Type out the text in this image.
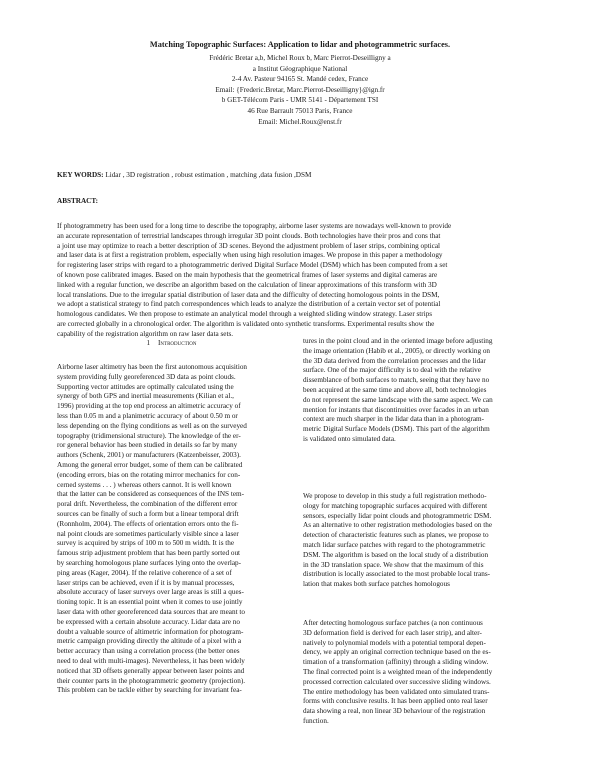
Matching Topographic Surfaces: Application to lidar and photogrammetric surfaces.
Frédéric Bretar a,b, Michel Roux b, Marc Pierrot-Deseilligny a
a Institut Géographique National
2-4 Av. Pasteur 94165 St. Mandé cedex, France
Email: {Frederic.Bretar, Marc.Pierrot-Deseilligny}@ign.fr
b GET-Télécom Paris - UMR 5141 - Département TSI
46 Rue Barrault 75013 Paris, France
Email: Michel.Roux@enst.fr
KEY WORDS: Lidar , 3D registration , robust estimation , matching ,data fusion ,DSM
ABSTRACT:
If photogrammetry has been used for a long time to describe the topography, airborne laser systems are nowadays well-known to provide
an accurate representation of terrestrial landscapes through irregular 3D point clouds. Both technologies have their pros and cons that
a joint use may optimize to reach a better description of 3D scenes. Beyond the adjustment problem of laser strips, combining optical
and laser data is at first a registration problem, especially when using high resolution images. We propose in this paper a methodology
for registering laser strips with regard to a photogrammetric derived Digital Surface Model (DSM) which has been computed from a set
of known pose calibrated images. Based on the main hypothesis that the geometrical frames of laser systems and digital cameras are
linked with a regular function, we describe an algorithm based on the calculation of linear approximations of this transform with 3D
local translations. Due to the irregular spatial distribution of laser data and the difficulty of detecting homologous points in the DSM,
we adopt a statistical strategy to find patch correspondences which leads to analyze the distribution of a certain vector set of potential
homologous candidates. We then propose to estimate an analytical model through a weighted sliding window strategy. Laser strips
are corrected globally in a chronological order. The algorithm is validated onto synthetic transforms. Experimental results show the
capability of the registration algorithm on raw laser data sets.
1 Introduction
Airborne laser altimetry has been the first autonomous acquisition
system providing fully georeferenced 3D data as point clouds.
Supporting vector attitudes are optimally calculated using the
synergy of both GPS and inertial measurements (Kilian et al.,
1996) providing at the top end process an altimetric accuracy of
less than 0.05 m and a planimetric accuracy of about 0.50 m or
less depending on the flying conditions as well as on the surveyed
topography (tridimensional structure). The knowledge of the er-
ror general behavior has been studied in details so far by many
authors (Schenk, 2001) or manufacturers (Katzenbeisser, 2003).
Among the general error budget, some of them can be calibrated
(encoding errors, bias on the rotating mirror mechanics for con-
cerned systems . . . ) whereas others cannot. It is well known
that the latter can be considered as consequences of the INS tem-
poral drift. Nevertheless, the combination of the different error
sources can be finally of such a form but a linear temporal drift
(Ronnholm, 2004). The effects of orientation errors onto the fi-
nal point clouds are sometimes particularly visible since a laser
survey is acquired by strips of 100 m to 500 m width. It is the
famous strip adjustment problem that has been partly sorted out
by searching homologous plane surfaces lying onto the overlap-
ping areas (Kager, 2004). If the relative coherence of a set of
laser strips can be achieved, even if it is by manual processes,
absolute accuracy of laser surveys over large areas is still a ques-
tioning topic. It is an essential point when it comes to use jointly
laser data with other georeferenced data sources that are meant to
be expressed with a certain absolute accuracy. Lidar data are no
doubt a valuable source of altimetric information for photogram-
metric campaign providing directly the altitude of a pixel with a
better accuracy than using a correlation process (the better ones
need to deal with multi-images). Nevertheless, it has been widely
noticed that 3D offsets generally appear between laser points and
their counter parts in the photogrammetric geometry (projection).
This problem can be tackle either by searching for invariant fea-
tures in the point cloud and in the oriented image before adjusting
the image orientation (Habib et al., 2005), or directly working on
the 3D data derived from the correlation processes and the lidar
surface. One of the major difficulty is to deal with the relative
dissemblance of both surfaces to match, seeing that they have no
been acquired at the same time and above all, both technologies
do not represent the same landscape with the same aspect. We can
mention for instants that discontinuities over facades in an urban
context are much sharper in the lidar data than in a photogram-
metric Digital Surface Models (DSM). This part of the algorithm
is validated onto simulated data.
We propose to develop in this study a full registration methodo-
ology for matching topographic surfaces acquired with different
sensors, especially lidar point clouds and photogrammetric DSM.
As an alternative to other registration methodologies based on the
detection of characteristic features such as planes, we propose to
match lidar surface patches with regard to the photogrammetric
DSM. The algorithm is based on the local study of a distribution
in the 3D translation space. We show that the maximum of this
distribution is locally associated to the most probable local trans-
lation that makes both surface patches homologous
After detecting homologous surface patches (a non continuous
3D deformation field is derived for each laser strip), and alter-
natively to polynomial models with a potential temporal depen-
dency, we apply an original correction technique based on the es-
timation of a transformation (affinity) through a sliding window.
The final corrected point is a weighted mean of the independently
processed correction calculated over successive sliding windows.
The entire methodology has been validated onto simulated trans-
forms with conclusive results. It has been applied onto real laser
data showing a real, non linear 3D behaviour of the registration
function.
